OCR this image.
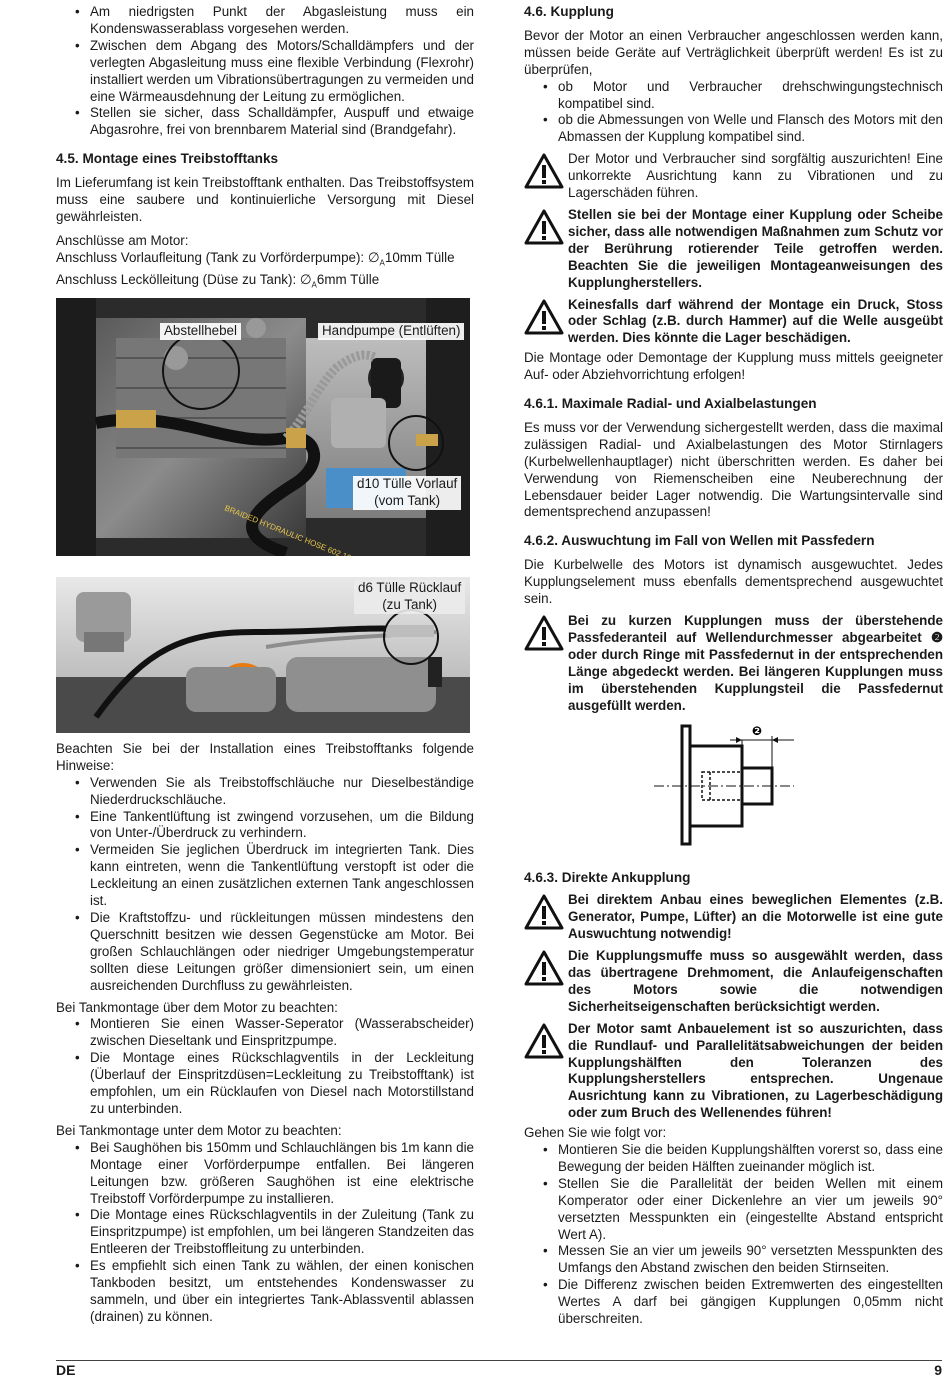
• Am niedrigsten Punkt der Abgasleistung muss ein Kondenswasserablass vorgesehen werden.
• Zwischen dem Abgang des Motors/Schalldämpfers und der verlegten Abgasleitung muss eine flexible Verbindung (Flexrohr) installiert werden um Vibrationsübertragungen zu vermeiden und eine Wärmeausdehnung der Leitung zu ermöglichen.
• Stellen sie sicher, dass Schalldämpfer, Auspuff und etwaige Abgasrohre, frei von brennbarem Material sind (Brandgefahr).
4.5. Montage eines Treibstofftanks

Im Lieferumfang ist kein Treibstofftank enthalten. Das Treibstoffsystem muss eine saubere und kontinuierliche Versorgung mit Diesel gewährleisten.

Anschlüsse am Motor:

Anschluss Vorlaufleitung (Tank zu Vorförderpumpe): $\emptyset_A10mm$ Tülle

Anschluss Leckölleitung (Düse zu Tank): $\emptyset_A6mm$ Tülle

BRAIDED HYDRAULIC HOSE 602
Abstellhebel	Handpumpe (Entlüften)
d10 Tülle Vorlauf
(vom Tank)
d6 Tülle Rücklauf
(zu Tank)

Beachten Sie bei der Installation eines Treibstofftanks folgende Hinweise:

• Verwenden Sie als Treibstoffschläuche nur Dieselbeständige Niederdruckschläuche.
• Eine Tankentlüftung ist zwingend vorzusehen, um die Bildung von Unter-/Überdruck zu verhindern.
• Vermeiden Sie jeglichen Überdruck im integrierten Tank. Dies kann eintreten, wenn die Tankentlüftung verstopft ist oder die Leckleitung an einen zusätzlichen externen Tank angeschlossen ist.
• Die Kraftstoffzu- und rückleitungen müssen mindestens den Querschnitt besitzen wie dessen Gegenstücke am Motor. Bei großen Schlauchlängen oder niedriger Umgebungstemperatur sollten diese Leitungen größer dimensioniert sein, um einen ausreichenden Durchfluss zu gewährleisten.

Bei Tankmontage über dem Motor zu beachten:

• Montieren Sie einen Wasser-Seperator (Wasserabscheider) zwischen Dieseltank und Einspritzpumpe.
• Die Montage eines Rückschlagventils in der Leckleitung (Überlauf der Einspritzdüsen=Leckleitung zu Treibstofftank) ist empfohlen, um ein Rücklaufen von Diesel nach Motorstillstand zu unterbinden.

Bei Tankmontage unter dem Motor zu beachten:

• Bei Saughöhen bis 150mm und Schlauchlängen bis 1m kann die Montage einer Vorförderpumpe entfallen. Bei längeren Leitungen bzw. größeren Saughöhen ist eine elektrische Treibstoff Vorförderpumpe zu installieren.
• Die Montage eines Rückschlagventils in der Zuleitung (Tank zu Einspritzpumpe) ist empfohlen, um bei längeren Standzeiten das Entleeren der Treibstoffleitung zu unterbinden.
• Es empfiehlt sich einen Tank zu wählen, der einen konischen Tankboden besitzt, um entstehendes Kondenswasser zu sammeln, und über ein integriertes Tank-Ablassventil ablassen (drainen) zu können.
4.6. Kupplung

Bevor der Motor an einen Verbraucher angeschlossen werden kann, müssen beide Geräte auf Verträglichkeit überprüft werden! Es ist zu überprüfen,

• ob Motor und Verbraucher drehschwingungstechnisch kompatibel sind.
• ob die Abmessungen von Welle und Flansch des Motors mit den Abmassen der Kupplung kompatibel sind.
Der Motor und Verbraucher sind sorgfältig auszurichten! Eine unkorrekte Ausrichtung kann zu Vibrationen und zu Lagerschäden führen.
Stellen sie bei der Montage einer Kupplung oder Scheibe sicher, dass alle notwendigen Maßnahmen zum Schutz vor der Berührung rotierender Teile getroffen werden. Beachten Sie die jeweiligen Montageanweisungen des Kupplungherstellers.
Keinesfalls darf während der Montage ein Druck, Stoss oder Schlag (z.B. durch Hammer) auf die Welle ausgeübt werden. Dies könnte die Lager beschädigen.

Die Montage oder Demontage der Kupplung muss mittels geeigneter Auf- oder Abziehvorrichtung erfolgen!

4.6.1. Maximale Radial- und Axialbelastungen

Es muss vor der Verwendung sichergestellt werden, dass die maximal zulässigen Radial- und Axialbelastungen des Motor Stirnlagers (Kurbelwellenhauptlager) nicht überschritten werden. Es daher bei Verwendung von Riemenscheiben eine Neuberechnung der Lebensdauer beider Lager notwendig. Die Wartungsintervalle sind dementsprechend anzupassen!

4.6.2. Auswuchtung im Fall von Wellen mit Passfedern

Die Kurbelwelle des Motors ist dynamisch ausgewuchtet. Jedes Kupplungselement muss ebenfalls dementsprechend ausgewuchtet sein.

Bei zu kurzen Kupplungen muss der überstehende Passfederanteil auf Wellendurchmesser abgearbeitet ❷ oder durch Ringe mit Passfedernut in der entsprechenden Länge abgedeckt werden. Bei längeren Kupplungen muss im überstehenden Kupplungsteil die Passfedernut ausgefüllt werden.
❷
4.6.3. Direkte Ankupplung
Bei direktem Anbau eines beweglichen Elementes (z.B. Generator, Pumpe, Lüfter) an die Motorwelle ist eine gute Auswuchtung notwendig!
Die Kupplungsmuffe muss so ausgewählt werden, dass das übertragene Drehmoment, die Anlaufeigenschaften des Motors sowie die notwendigen Sicherheitseigenschaften berücksichtigt werden.
Der Motor samt Anbauelement ist so auszurichten, dass die Rundlauf- und Parallelitätsabweichungen der beiden Kupplungshälften den Toleranzen des Kupplungsherstellers entsprechen. Ungenaue Ausrichtung kann zu Vibrationen, zu Lagerbeschädigung oder zum Bruch des Wellenendes führen!

Gehen Sie wie folgt vor:

• Montieren Sie die beiden Kupplungshälften vorerst so, dass eine Bewegung der beiden Hälften zueinander möglich ist.
• Stellen Sie die Parallelität der beiden Wellen mit einem Komperator oder einer Dickenlehre an vier um jeweils 90° versetzten Messpunkten ein (eingestellte Abstand entspricht Wert A).
• Messen Sie an vier um jeweils 90° versetzten Messpunkten des Umfangs den Abstand zwischen den beiden Stirnseiten.
• Die Differenz zwischen beiden Extremwerten des eingestellten Wertes A darf bei gängigen Kupplungen 0,05mm nicht überschreiten.
DE	9
